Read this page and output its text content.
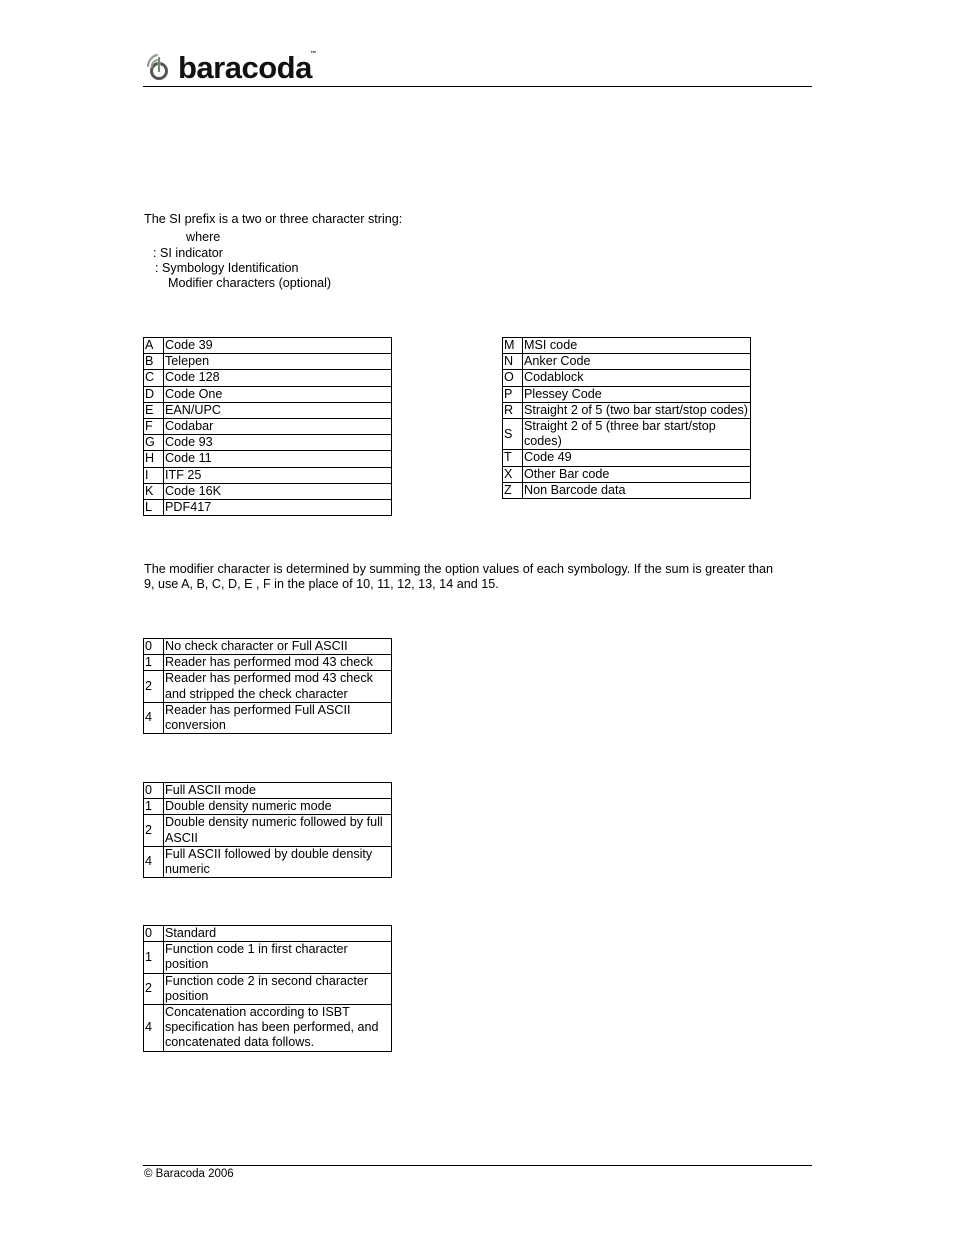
baracoda
™
The SI prefix is a two or three character string:
where
: SI indicator
: Symbology Identification
Modifier characters (optional)
A	Code 39
B	Telepen
C	Code 128
D	Code One
E	EAN/UPC
F	Codabar
G	Code 93
H	Code 11
I	ITF 25
K	Code 16K
L	PDF417
M	MSI code
N	Anker Code
O	Codablock
P	Plessey Code
R	Straight 2 of 5 (two bar start/stop codes)
S	Straight 2 of 5 (three bar start/stop codes)
T	Code 49
X	Other Bar code
Z	Non Barcode data
The modifier character is determined by summing the option values of each symbology. If the sum is greater than
9, use A, B, C, D, E , F in the place of 10, 11, 12, 13, 14 and 15.
0	No check character or Full ASCII
1	Reader has performed mod 43 check
2	Reader has performed mod 43 check and stripped the check character
4	Reader has performed Full ASCII conversion
0	Full ASCII mode
1	Double density numeric mode
2	Double density numeric followed by full ASCII
4	Full ASCII followed by double density numeric
0	Standard
1	Function code 1 in first character position
2	Function code 2 in second character position
4	Concatenation according to ISBT specification has been performed, and concatenated data follows.
© Baracoda 2006
